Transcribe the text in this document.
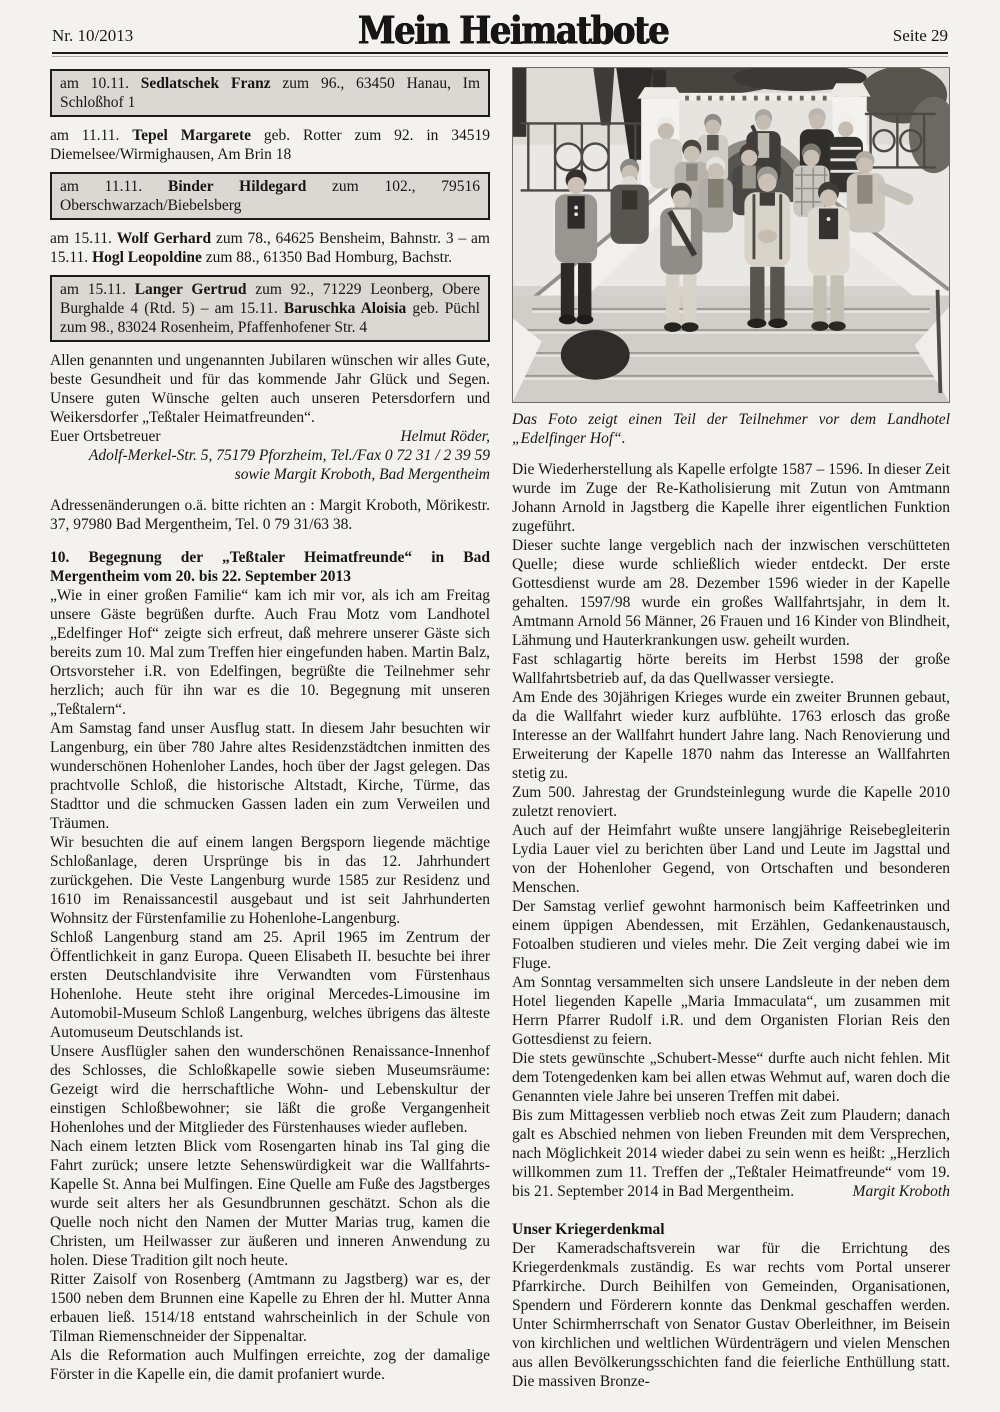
Nr. 10/2013	Mein Heimatbote	Seite 29

am 10.11. Sedlatschek Franz zum 96., 63450 Hanau, Im Schloßhof 1

am 11.11. Tepel Margarete geb. Rotter zum 92. in 34519 Diemelsee/Wirmighausen, Am Brin 18

am 11.11. Binder Hildegard zum 102., 79516 Oberschwarzach/Biebelsberg

am 15.11. Wolf Gerhard zum 78., 64625 Bensheim, Bahnstr. 3 – am 15.11. Hogl Leopoldine zum 88., 61350 Bad Homburg, Bachstr.

am 15.11. Langer Gertrud zum 92., 71229 Leonberg, Obere Burghalde 4 (Rtd. 5) – am 15.11. Baruschka Aloisia geb. Püchl zum 98., 83024 Rosenheim, Pfaffenhofener Str. 4

Allen genannten und ungenannten Jubilaren wünschen wir alles Gute, beste Gesundheit und für das kommende Jahr Glück und Segen. Unsere guten Wünsche gelten auch unseren Petersdorfern und Weikersdorfer „Teßtaler Heimatfreunden“.

Euer Ortsbetreuer	Helmut Röder,
Adolf-Merkel-Str. 5, 75179 Pforzheim, Tel./Fax 0 72 31 / 2 39 59
sowie Margit Kroboth, Bad Mergentheim

Adressenänderungen o.ä. bitte richten an : Margit Kroboth, Mörikestr. 37, 97980 Bad Mergentheim, Tel. 0 79 31/63 38.

10. Begegnung der „Teßtaler Heimatfreunde“ in Bad Mergentheim vom 20. bis 22. September 2013

„Wie in einer großen Familie“ kam ich mir vor, als ich am Freitag unsere Gäste begrüßen durfte. Auch Frau Motz vom Landhotel „Edelfinger Hof“ zeigte sich erfreut, daß mehrere unserer Gäste sich bereits zum 10. Mal zum Treffen hier eingefunden haben. Martin Balz, Ortsvorsteher i.R. von Edelfingen, begrüßte die Teilnehmer sehr herzlich; auch für ihn war es die 10. Begegnung mit unseren „Teßtalern“.

Am Samstag fand unser Ausflug statt. In diesem Jahr besuchten wir Langenburg, ein über 780 Jahre altes Residenzstädtchen inmitten des wunderschönen Hohenloher Landes, hoch über der Jagst gelegen. Das prachtvolle Schloß, die historische Altstadt, Kirche, Türme, das Stadttor und die schmucken Gassen laden ein zum Verweilen und Träumen.

Wir besuchten die auf einem langen Bergsporn liegende mächtige Schloßanlage, deren Ursprünge bis in das 12. Jahrhundert zurückgehen. Die Veste Langenburg wurde 1585 zur Residenz und 1610 im Renaissancestil ausgebaut und ist seit Jahrhunderten Wohnsitz der Fürstenfamilie zu Hohenlohe-Langenburg.

Schloß Langenburg stand am 25. April 1965 im Zentrum der Öffentlichkeit in ganz Europa. Queen Elisabeth II. besuchte bei ihrer ersten Deutschlandvisite ihre Verwandten vom Fürstenhaus Hohenlohe. Heute steht ihre original Mercedes-Limousine im Automobil-Museum Schloß Langenburg, welches übrigens das älteste Automuseum Deutschlands ist.

Unsere Ausflügler sahen den wunderschönen Renaissance-Innenhof des Schlosses, die Schloßkapelle sowie sieben Museumsräume: Gezeigt wird die herrschaftliche Wohn- und Lebenskultur der einstigen Schloßbewohner; sie läßt die große Vergangenheit Hohenlohes und der Mitglieder des Fürstenhauses wieder aufleben.

Nach einem letzten Blick vom Rosengarten hinab ins Tal ging die Fahrt zurück; unsere letzte Sehenswürdigkeit war die Wallfahrts-Kapelle St. Anna bei Mulfingen. Eine Quelle am Fuße des Jagstberges wurde seit alters her als Gesundbrunnen geschätzt. Schon als die Quelle noch nicht den Namen der Mutter Marias trug, kamen die Christen, um Heilwasser zur äußeren und inneren Anwendung zu holen. Diese Tradition gilt noch heute.

Ritter Zaisolf von Rosenberg (Amtmann zu Jagstberg) war es, der 1500 neben dem Brunnen eine Kapelle zu Ehren der hl. Mutter Anna erbauen ließ. 1514/18 entstand wahrscheinlich in der Schule von Tilman Riemenschneider der Sippenaltar.

Als die Reformation auch Mulfingen erreichte, zog der damalige Förster in die Kapelle ein, die damit profaniert wurde.

Das Foto zeigt einen Teil der Teilnehmer vor dem Landhotel „Edelfinger Hof“.

Die Wiederherstellung als Kapelle erfolgte 1587 – 1596. In dieser Zeit wurde im Zuge der Re-Katholisierung mit Zutun von Amtmann Johann Arnold in Jagstberg die Kapelle ihrer eigentlichen Funktion zugeführt.

Dieser suchte lange vergeblich nach der inzwischen verschütteten Quelle; diese wurde schließlich wieder entdeckt. Der erste Gottesdienst wurde am 28. Dezember 1596 wieder in der Kapelle gehalten. 1597/98 wurde ein großes Wallfahrtsjahr, in dem lt. Amtmann Arnold 56 Männer, 26 Frauen und 16 Kinder von Blindheit, Lähmung und Hauterkrankungen usw. geheilt wurden.

Fast schlagartig hörte bereits im Herbst 1598 der große Wallfahrtsbetrieb auf, da das Quellwasser versiegte.

Am Ende des 30jährigen Krieges wurde ein zweiter Brunnen gebaut, da die Wallfahrt wieder kurz aufblühte. 1763 erlosch das große Interesse an der Wallfahrt hundert Jahre lang. Nach Renovierung und Erweiterung der Kapelle 1870 nahm das Interesse an Wallfahrten stetig zu.

Zum 500. Jahrestag der Grundsteinlegung wurde die Kapelle 2010 zuletzt renoviert.

Auch auf der Heimfahrt wußte unsere langjährige Reisebegleiterin Lydia Lauer viel zu berichten über Land und Leute im Jagsttal und von der Hohenloher Gegend, von Ortschaften und besonderen Menschen.

Der Samstag verlief gewohnt harmonisch beim Kaffeetrinken und einem üppigen Abendessen, mit Erzählen, Gedankenaustausch, Fotoalben studieren und vieles mehr. Die Zeit verging dabei wie im Fluge.

Am Sonntag versammelten sich unsere Landsleute in der neben dem Hotel liegenden Kapelle „Maria Immaculata“, um zusammen mit Herrn Pfarrer Rudolf i.R. und dem Organisten Florian Reis den Gottesdienst zu feiern.

Die stets gewünschte „Schubert-Messe“ durfte auch nicht fehlen. Mit dem Totengedenken kam bei allen etwas Wehmut auf, waren doch die Genannten viele Jahre bei unseren Treffen mit dabei.

Bis zum Mittagessen verblieb noch etwas Zeit zum Plaudern; danach galt es Abschied nehmen von lieben Freunden mit dem Versprechen, nach Möglichkeit 2014 wieder dabei zu sein wenn es heißt: „Herzlich willkommen zum 11. Treffen der „Teßtaler Heimatfreunde“ vom 19. bis 21. September 2014 in Bad Mergentheim.	Margit Kroboth

Unser Kriegerdenkmal

Der Kameradschaftsverein war für die Errichtung des Kriegerdenkmals zuständig. Es war rechts vom Portal unserer Pfarrkirche. Durch Beihilfen von Gemeinden, Organisationen, Spendern und Förderern konnte das Denkmal geschaffen werden. Unter Schirmherrschaft von Senator Gustav Oberleithner, im Beisein von kirchlichen und weltlichen Würdenträgern und vielen Menschen aus allen Bevölkerungsschichten fand die feierliche Enthüllung statt. Die massiven Bronze-
